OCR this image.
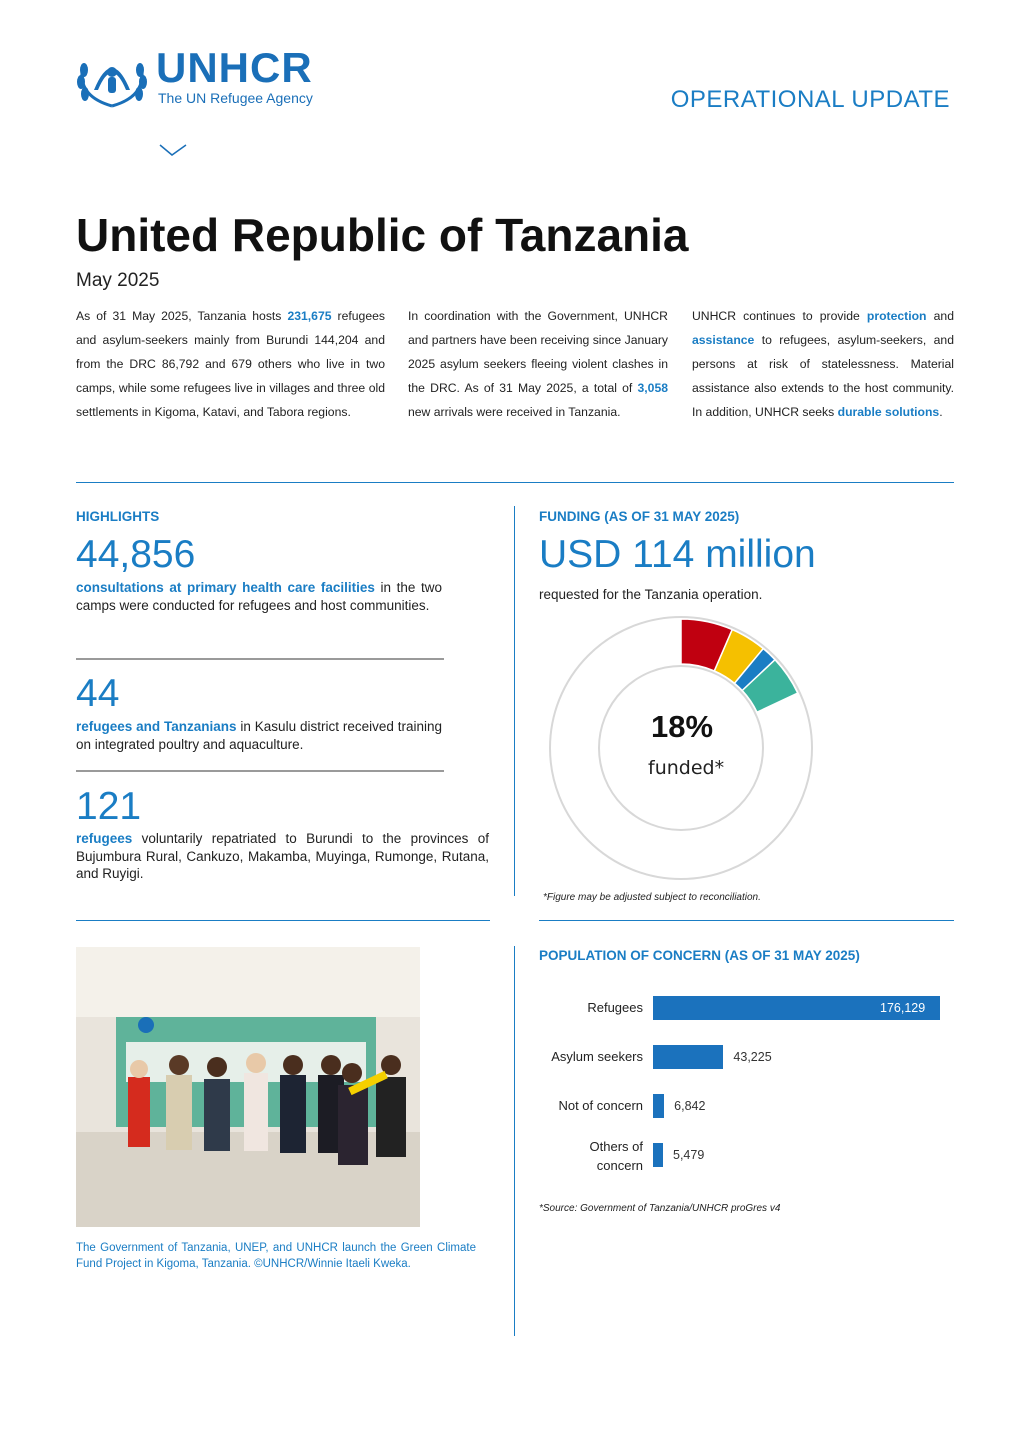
UNHCR
The UN Refugee Agency	OPERATIONAL UPDATE
United Republic of Tanzania
May 2025
As of 31 May 2025, Tanzania hosts 231,675 refugees and asylum-seekers mainly from Burundi 144,204 and from the DRC 86,792 and 679 others who live in two camps, while some refugees live in villages and three old settlements in Kigoma, Katavi, and Tabora regions.
In coordination with the Government, UNHCR and partners have been receiving since January 2025 asylum seekers fleeing violent clashes in the DRC. As of 31 May 2025, a total of 3,058 new arrivals were received in Tanzania.
UNHCR continues to provide protection and assistance to refugees, asylum-seekers, and persons at risk of statelessness. Material assistance also extends to the host community. In addition, UNHCR seeks durable solutions.
HIGHLIGHTS
44,856
consultations at primary health care facilities in the two camps were conducted for refugees and host communities.
44
refugees and Tanzanians in Kasulu district received training on integrated poultry and aquaculture.
121
refugees voluntarily repatriated to Burundi to the provinces of Bujumbura Rural, Cankuzo, Makamba, Muyinga, Rumonge, Rutana, and Ruyigi.
FUNDING (AS OF 31 MAY 2025)
USD 114 million
requested for the Tanzania operation.
18%
funded*
*Figure may be adjusted subject to reconciliation.
The Government of Tanzania, UNEP, and UNHCR launch the Green Climate Fund Project in Kigoma, Tanzania. ©UNHCR/Winnie Itaeli Kweka.
POPULATION OF CONCERN (AS OF 31 MAY 2025)
Refugees	176,129
Asylum seekers	43,225
Not of concern 6,842
Others of
concern
5,479
*Source: Government of Tanzania/UNHCR proGres v4
